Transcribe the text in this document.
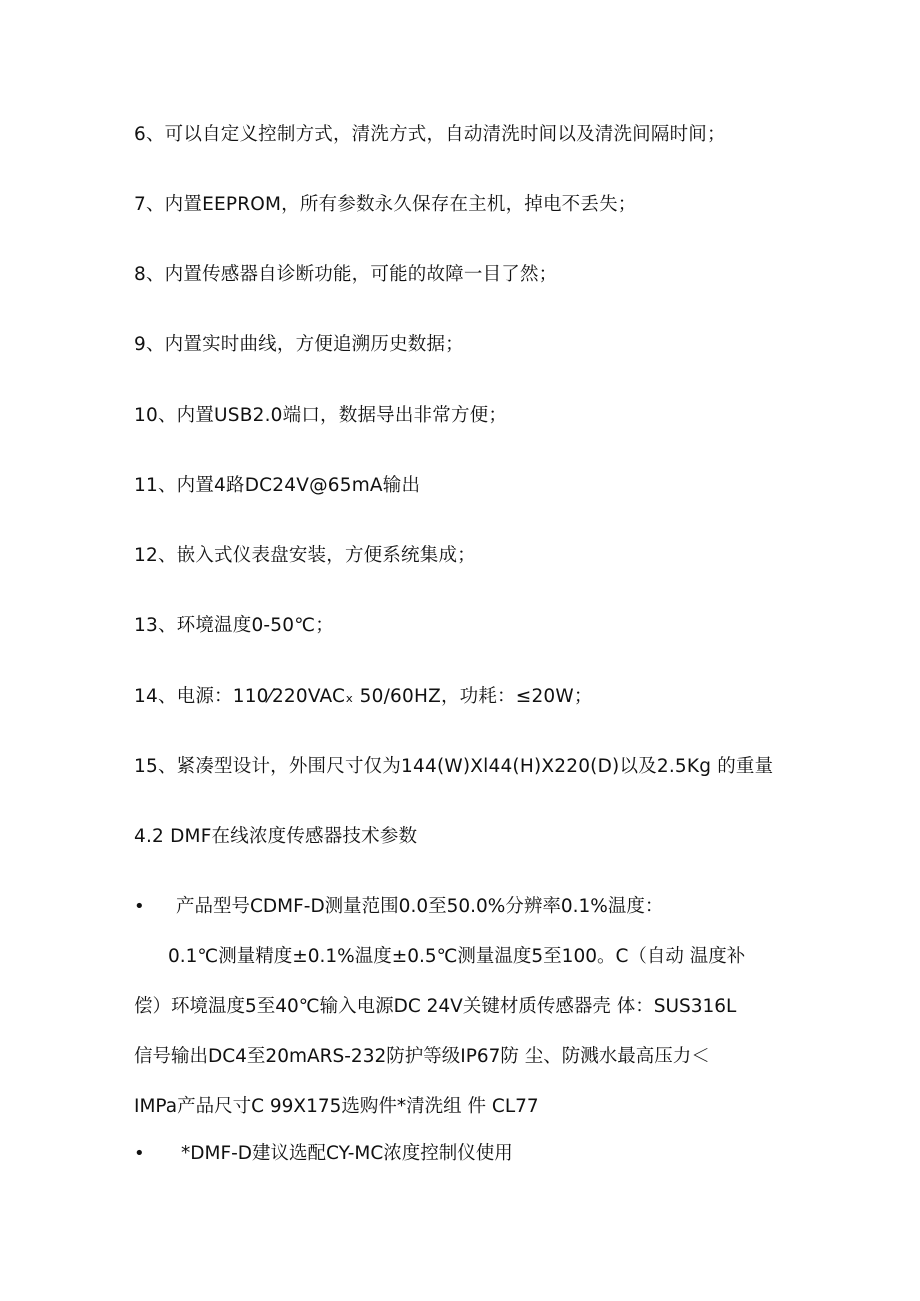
6、可以自定义控制方式，清洗方式，自动清洗时间以及清洗间隔时间；
7、内置EEPROM，所有参数永久保存在主机，掉电不丢失；
8、内置传感器自诊断功能，可能的故障一目了然；
9、内置实时曲线，方便追溯历史数据；
10、内置USB2.0端口，数据导出非常方便；
11、内置4路DC24V@65mA输出
12、嵌入式仪表盘安装，方便系统集成；
13、环境温度0-50℃；
14、电源：110⁄220VACₓ 50/60HZ，功耗：≤20W；
15、紧凑型设计，外围尺寸仅为144(W)Xl44(H)X220(D)以及2.5Kg 的重量
4.2 DMF在线浓度传感器技术参数
• 产品型号CDMF-D测量范围0.0至50.0%分辨率0.1%温度：
0.1℃测量精度±0.1%温度±0.5℃测量温度5至100。C（自动 温度补
偿）环境温度5至40℃输入电源DC 24V关键材质传感器壳 体：SUS316L
信号输出DC4至20mARS-232防护等级IP67防 尘、防溅水最高压力＜
IMPa产品尺寸C 99X175选购件*清洗组 件 CL77
• *DMF-D建议选配CY-MC浓度控制仪使用
